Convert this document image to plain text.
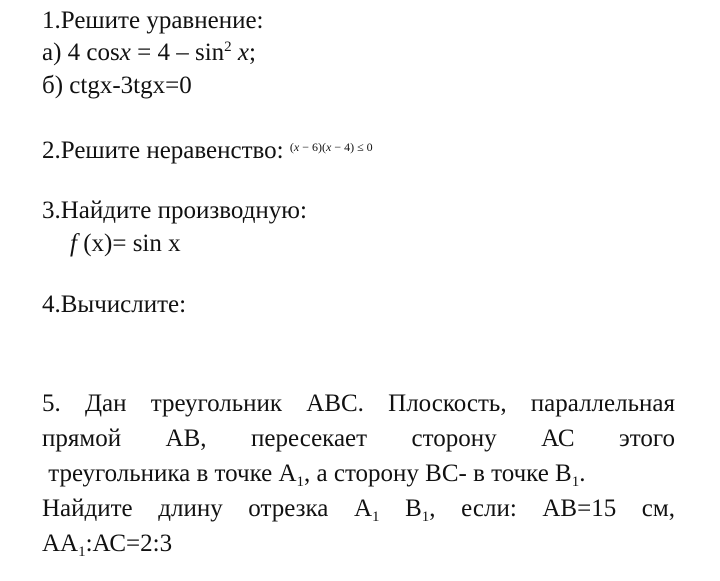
1.Решите уравнение:
а) 4 $\cos x = 4 - \sin^2 x$;
б) ctgx-3tgx=0
2.Решите неравенство: $^{(x - 6)(x - 4) \le 0}$
3.Найдите производную:
f (x)= sin x
4.Вычислите:
5. Дан треугольник АВС. Плоскость, параллельная
прямой АВ, пересекает сторону АС этого
треугольника в точке $А_1$, а сторону ВС- в точке $В_1$.
Найдите длину отрезка $А_1$ $В_1$, если: АВ=15 см,
$АА_1:АС=2:3$
